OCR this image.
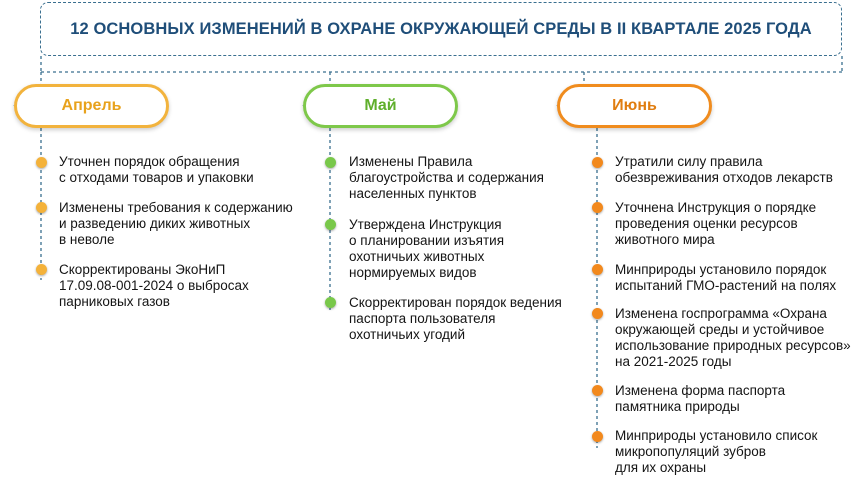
12 ОСНОВНЫХ ИЗМЕНЕНИЙ В ОХРАНЕ ОКРУЖАЮЩЕЙ СРЕДЫ В II КВАРТАЛЕ 2025 ГОДА
Апрель	Май	Июнь
Уточнен порядок обращения
с отходами товаров и упаковки
Изменены требования к содержанию
и разведению диких животных
в неволе
Скорректированы ЭкоНиП
17.09.08-001-2024 о выбросах
парниковых газов
Изменены Правила
благоустройства и содержания
населенных пунктов
Утверждена Инструкция
о планировании изъятия
охотничьих животных
нормируемых видов
Скорректирован порядок ведения
паспорта пользователя
охотничьих угодий
Утратили силу правила
обезвреживания отходов лекарств
Уточнена Инструкция о порядке
проведения оценки ресурсов
животного мира
Минприроды установило порядок
испытаний ГМО-растений на полях
Изменена госпрограмма «Охрана
окружающей среды и устойчивое
использование природных ресурсов»
на 2021-2025 годы
Изменена форма паспорта
памятника природы
Минприроды установило список
микропопуляций зубров
для их охраны
